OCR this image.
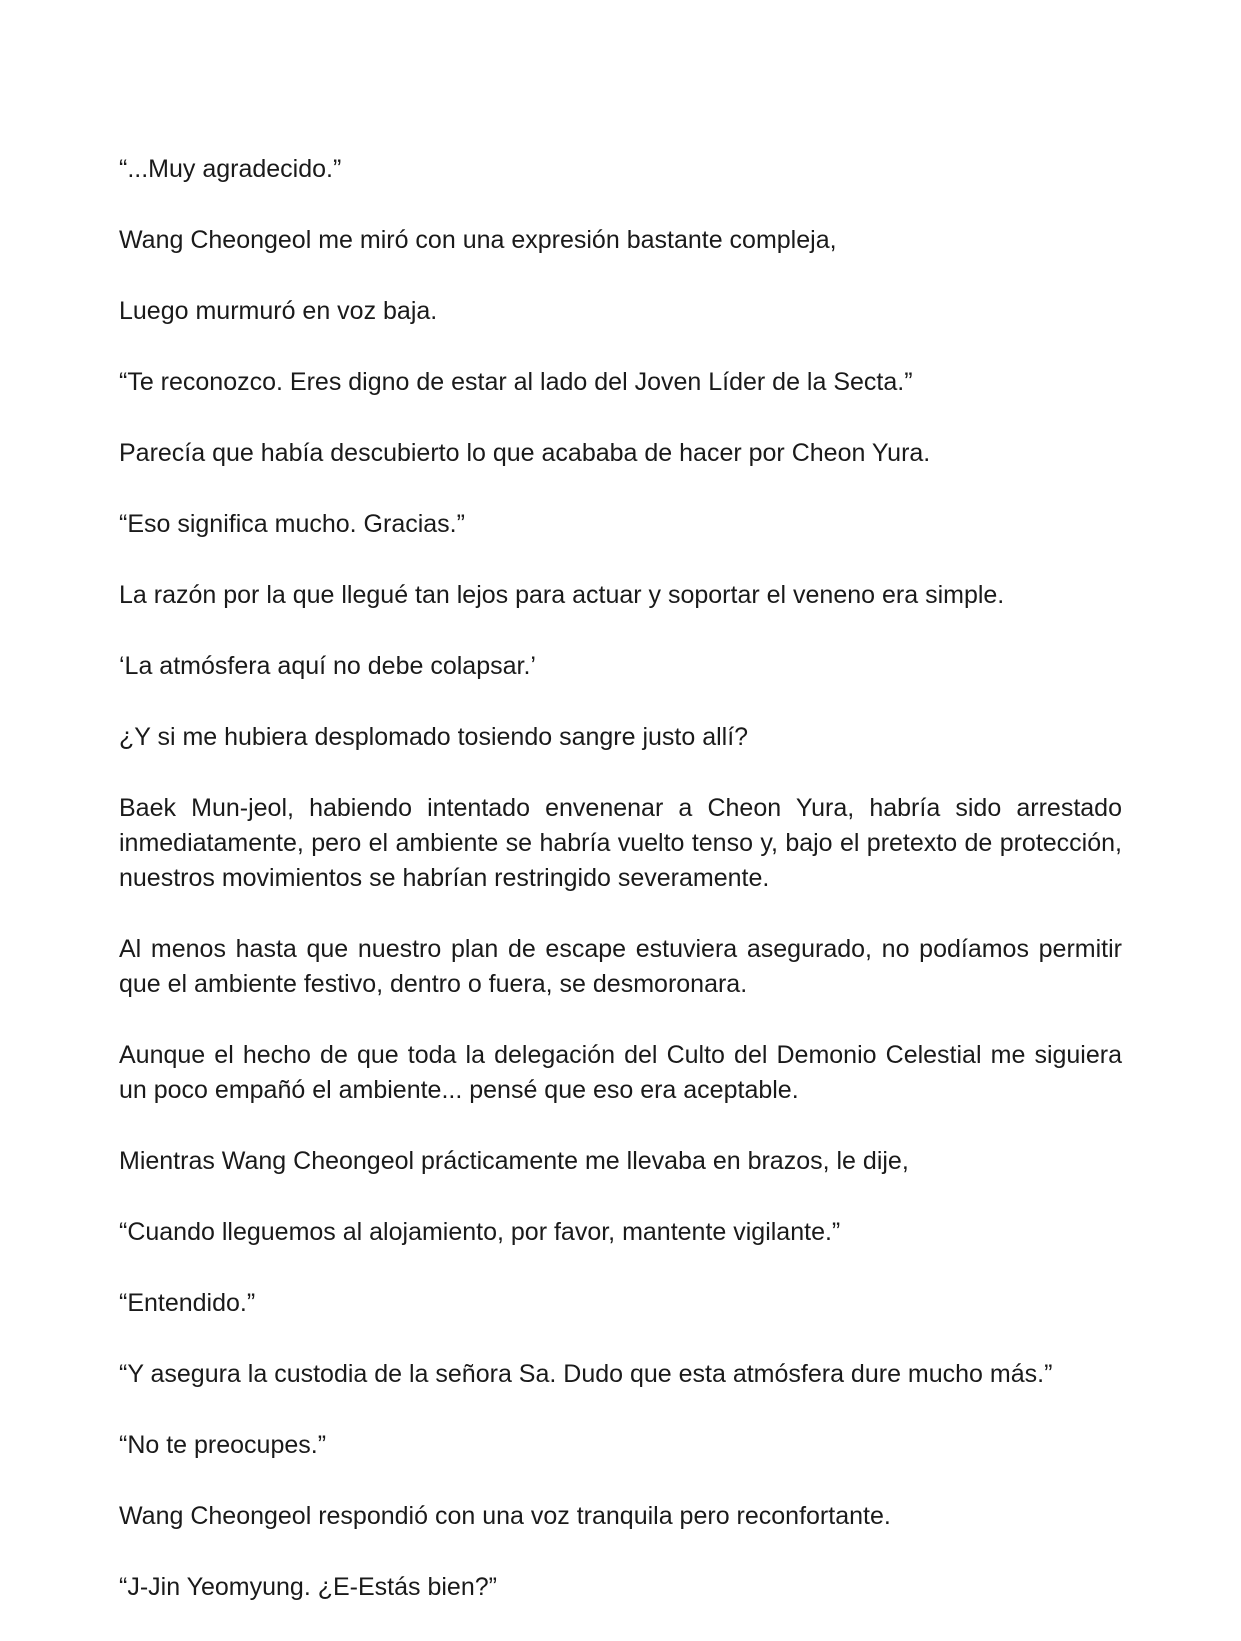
“...Muy agradecido.”

Wang Cheongeol me miró con una expresión bastante compleja,

Luego murmuró en voz baja.

“Te reconozco. Eres digno de estar al lado del Joven Líder de la Secta.”

Parecía que había descubierto lo que acababa de hacer por Cheon Yura.

“Eso significa mucho. Gracias.”

La razón por la que llegué tan lejos para actuar y soportar el veneno era simple.

‘La atmósfera aquí no debe colapsar.’

¿Y si me hubiera desplomado tosiendo sangre justo allí?

Baek Mun-jeol, habiendo intentado envenenar a Cheon Yura, habría sido arrestado inmediatamente, pero el ambiente se habría vuelto tenso y, bajo el pretexto de protección, nuestros movimientos se habrían restringido severamente.

Al menos hasta que nuestro plan de escape estuviera asegurado, no podíamos permitir que el ambiente festivo, dentro o fuera, se desmoronara.

Aunque el hecho de que toda la delegación del Culto del Demonio Celestial me siguiera un poco empañó el ambiente... pensé que eso era aceptable.

Mientras Wang Cheongeol prácticamente me llevaba en brazos, le dije,

“Cuando lleguemos al alojamiento, por favor, mantente vigilante.”

“Entendido.”

“Y asegura la custodia de la señora Sa. Dudo que esta atmósfera dure mucho más.”

“No te preocupes.”

Wang Cheongeol respondió con una voz tranquila pero reconfortante.

“J-Jin Yeomyung. ¿E-Estás bien?”
